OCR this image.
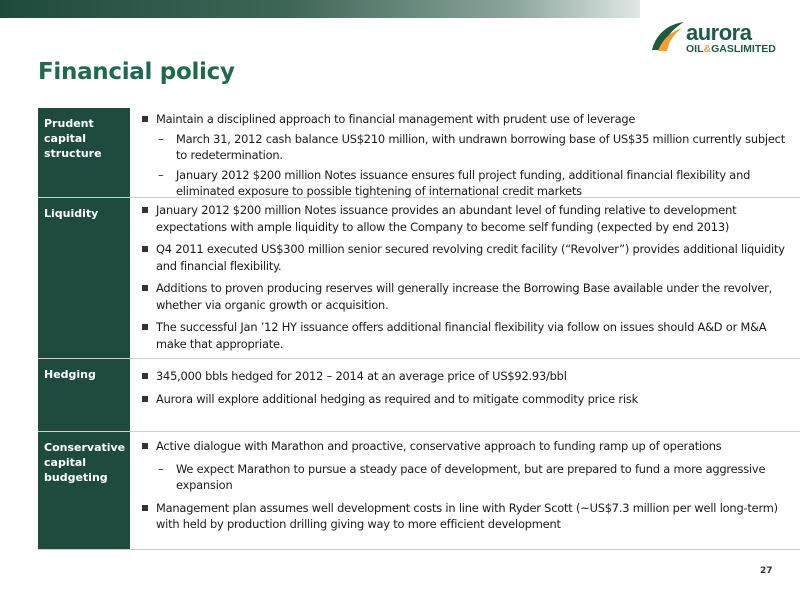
aurora
OIL&GASLIMITED
Financial policy
Prudent capital structure
Maintain a disciplined approach to financial management with prudent use of leverage
– March 31, 2012 cash balance US$210 million, with undrawn borrowing base of US$35 million currently subject to redetermination.
– January 2012 $200 million Notes issuance ensures full project funding, additional financial flexibility and eliminated exposure to possible tightening of international credit markets
Liquidity	January 2012 $200 million Notes issuance provides an abundant level of funding relative to development expectations with ample liquidity to allow the Company to become self funding (expected by end 2013)
Q4 2011 executed US$300 million senior secured revolving credit facility (“Revolver”) provides additional liquidity and financial flexibility.
Additions to proven producing reserves will generally increase the Borrowing Base available under the revolver, whether via organic growth or acquisition.
The successful Jan ’12 HY issuance offers additional financial flexibility via follow on issues should A&D or M&A make that appropriate.
Hedging	345,000 bbls hedged for 2012 – 2014 at an average price of US$92.93/bbl
Aurora will explore additional hedging as required and to mitigate commodity price risk
Conservative capital budgeting
Active dialogue with Marathon and proactive, conservative approach to funding ramp up of operations
– We expect Marathon to pursue a steady pace of development, but are prepared to fund a more aggressive expansion
Management plan assumes well development costs in line with Ryder Scott (~US$7.3 million per well long-term) with held by production drilling giving way to more efficient development
27
